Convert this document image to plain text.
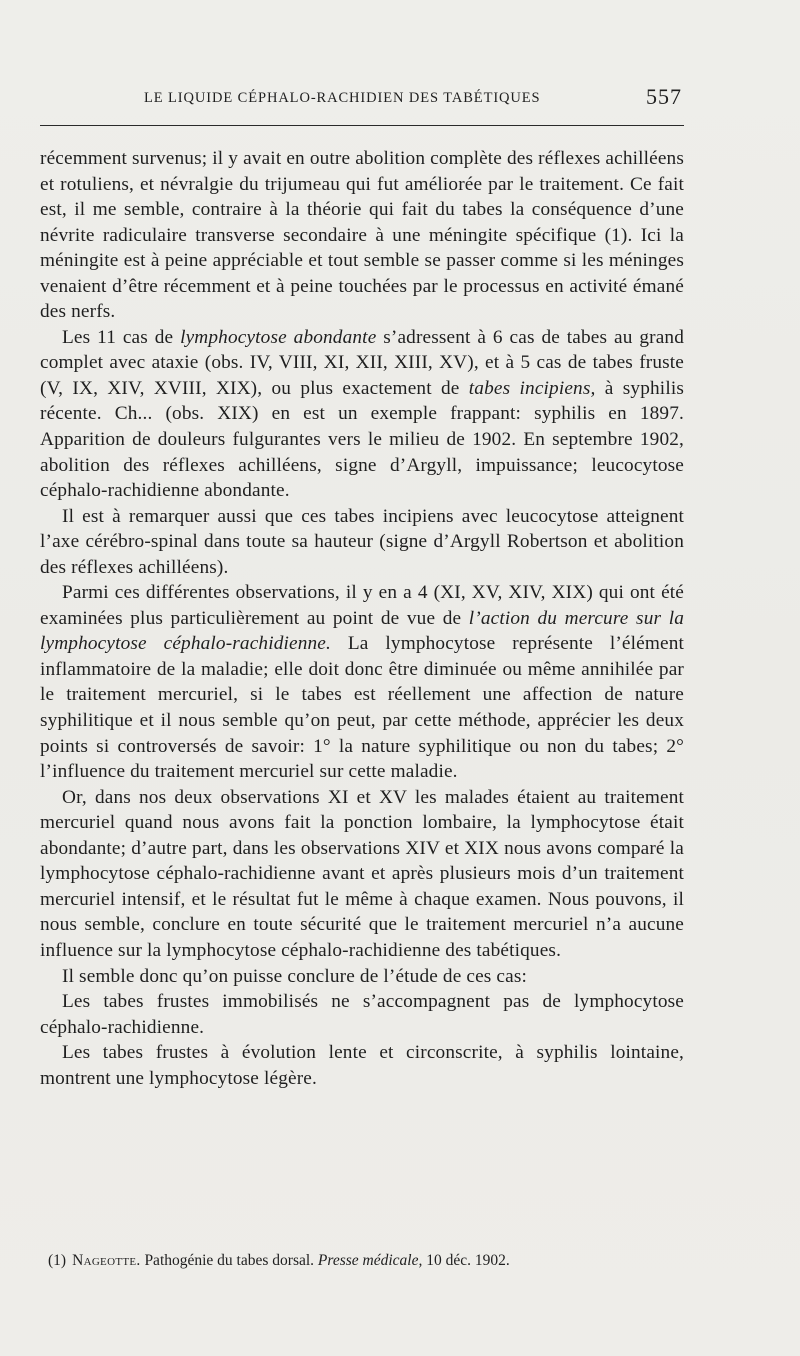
LE LIQUIDE CÉPHALO-RACHIDIEN DES TABÉTIQUES	557

récemment survenus; il y avait en outre abolition complète des réflexes achilléens et rotuliens, et névralgie du trijumeau qui fut améliorée par le traitement. Ce fait est, il me semble, contraire à la théorie qui fait du tabes la conséquence d’une névrite radiculaire transverse secondaire à une méningite spécifique (1). Ici la méningite est à peine appréciable et tout semble se passer comme si les méninges venaient d’être récemment et à peine touchées par le processus en activité émané des nerfs.

Les 11 cas de lymphocytose abondante s’adressent à 6 cas de tabes au grand complet avec ataxie (obs. IV, VIII, XI, XII, XIII, XV), et à 5 cas de tabes fruste (V, IX, XIV, XVIII, XIX), ou plus exactement de tabes incipiens, à syphilis récente. Ch... (obs. XIX) en est un exemple frappant: syphilis en 1897. Apparition de douleurs fulgurantes vers le milieu de 1902. En septembre 1902, abolition des réflexes achilléens, signe d’Argyll, impuissance; leucocytose céphalo-rachidienne abondante.

Il est à remarquer aussi que ces tabes incipiens avec leucocytose atteignent l’axe cérébro-spinal dans toute sa hauteur (signe d’Argyll Robertson et abolition des réflexes achilléens).

Parmi ces différentes observations, il y en a 4 (XI, XV, XIV, XIX) qui ont été examinées plus particulièrement au point de vue de l’action du mercure sur la lymphocytose céphalo-rachidienne. La lymphocytose représente l’élément inflammatoire de la maladie; elle doit donc être diminuée ou même annihilée par le traitement mercuriel, si le tabes est réellement une affection de nature syphilitique et il nous semble qu’on peut, par cette méthode, apprécier les deux points si controversés de savoir: 1° la nature syphilitique ou non du tabes; 2° l’influence du traitement mercuriel sur cette maladie.

Or, dans nos deux observations XI et XV les malades étaient au traitement mercuriel quand nous avons fait la ponction lombaire, la lymphocytose était abondante; d’autre part, dans les observations XIV et XIX nous avons comparé la lymphocytose céphalo-rachidienne avant et après plusieurs mois d’un traitement mercuriel intensif, et le résultat fut le même à chaque examen. Nous pouvons, il nous semble, conclure en toute sécurité que le traitement mercuriel n’a aucune influence sur la lymphocytose céphalo-rachidienne des tabétiques.

Il semble donc qu’on puisse conclure de l’étude de ces cas:

Les tabes frustes immobilisés ne s’accompagnent pas de lymphocytose céphalo-rachidienne.

Les tabes frustes à évolution lente et circonscrite, à syphilis lointaine, montrent une lymphocytose légère.

(1) Nageotte. Pathogénie du tabes dorsal. Presse médicale, 10 déc. 1902.
